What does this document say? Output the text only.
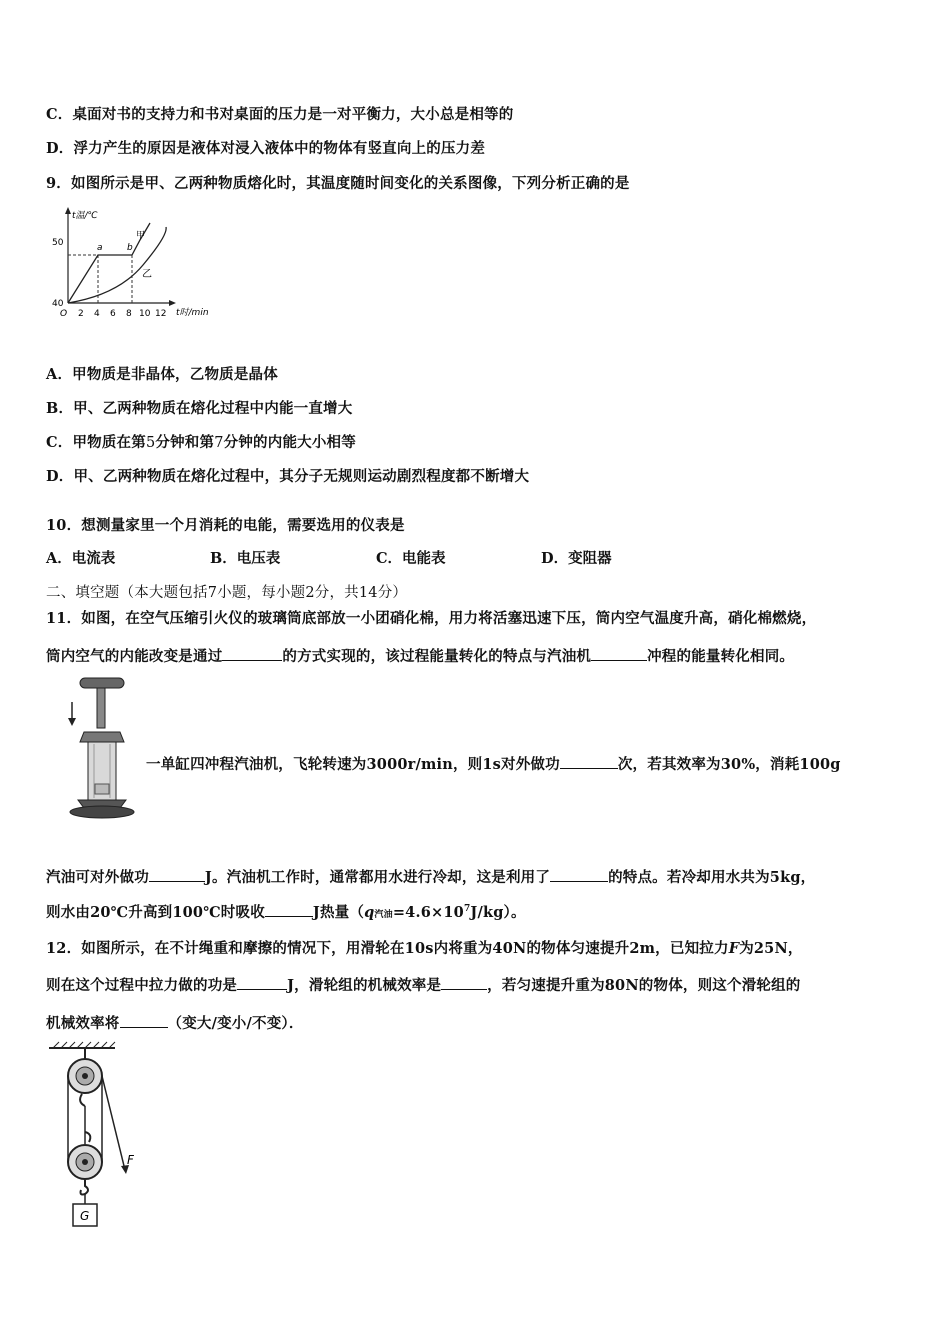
C．桌面对书的支持力和书对桌面的压力是一对平衡力，大小总是相等的
D．浮力产生的原因是液体对浸入液体中的物体有竖直向上的压力差
9．如图所示是甲、乙两种物质熔化时，其温度随时间变化的关系图像，下列分析正确的是
t温/℃
t时/min
40
50
O 2 4 6 8 10 12
a	b
甲
乙
A．甲物质是非晶体，乙物质是晶体
B．甲、乙两种物质在熔化过程中内能一直增大
C．甲物质在第5分钟和第7分钟的内能大小相等
D．甲、乙两种物质在熔化过程中，其分子无规则运动剧烈程度都不断增大
10．想测量家里一个月消耗的电能，需要选用的仪表是
A．电流表	B．电压表	C．电能表	D．变阻器
二、填空题（本大题包括7小题，每小题2分，共14分）
11．如图，在空气压缩引火仪的玻璃筒底部放一小团硝化棉，用力将活塞迅速下压，筒内空气温度升高，硝化棉燃烧，
筒内空气的内能改变是通过	的方式实现的，该过程能量转化的特点与汽油机	冲程的能量转化相同。
一单缸四冲程汽油机，飞轮转速为3000r/min，则1s对外做功	次，若其效率为30%，消耗100g
汽油可对外做功	J。汽油机工作时，通常都用水进行冷却，这是利用了	的特点。若冷却用水共为5kg，
则水由20℃升高到100℃时吸收	J热量（q汽油$=4.6\times 10^7J/kg$）。
12．如图所示，在不计绳重和摩擦的情况下，用滑轮在10s内将重为40N的物体匀速提升2m，已知拉力F为25N，
则在这个过程中拉力做的功是	J，滑轮组的机械效率是	，若匀速提升重为80N的物体，则这个滑轮组的
机械效率将	（变大/变小/不变）．
F
G
